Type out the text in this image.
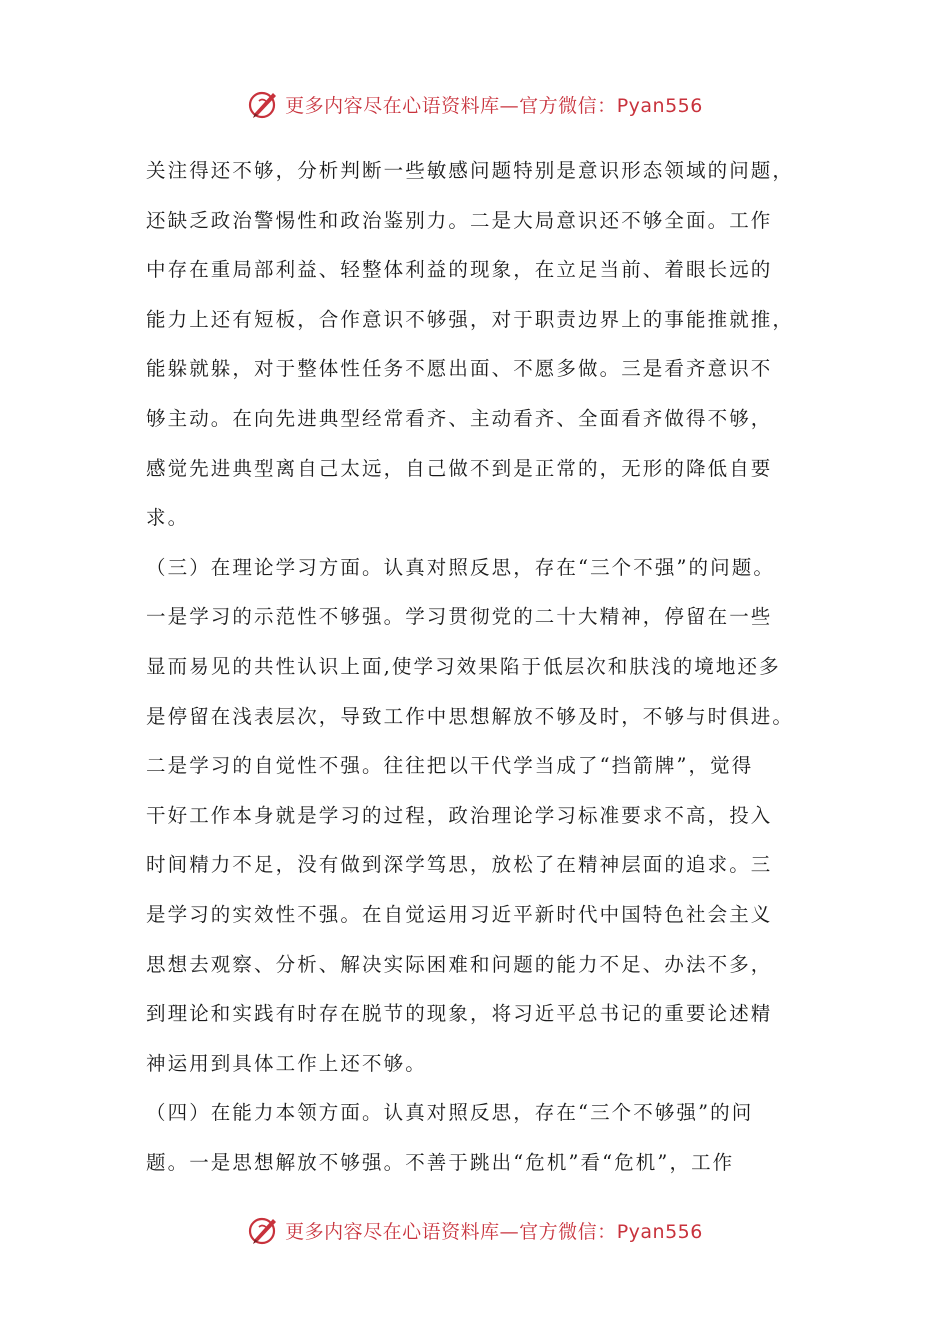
更多内容尽在心语资料库—官方微信：Pyan556
关注得还不够，分析判断一些敏感问题特别是意识形态领域的问题，
还缺乏政治警惕性和政治鉴别力。二是大局意识还不够全面。工作
中存在重局部利益、轻整体利益的现象，在立足当前、着眼长远的
能力上还有短板，合作意识不够强，对于职责边界上的事能推就推，
能躲就躲，对于整体性任务不愿出面、不愿多做。三是看齐意识不
够主动。在向先进典型经常看齐、主动看齐、全面看齐做得不够，
感觉先进典型离自己太远，自己做不到是正常的，无形的降低自要
求。
（三）在理论学习方面。认真对照反思，存在“三个不强”的问题。
一是学习的示范性不够强。学习贯彻党的二十大精神，停留在一些
显而易见的共性认识上面,使学习效果陷于低层次和肤浅的境地还多
是停留在浅表层次，导致工作中思想解放不够及时，不够与时俱进。
二是学习的自觉性不强。往往把以干代学当成了“挡箭牌”，觉得
干好工作本身就是学习的过程，政治理论学习标准要求不高，投入
时间精力不足，没有做到深学笃思，放松了在精神层面的追求。三
是学习的实效性不强。在自觉运用习近平新时代中国特色社会主义
思想去观察、分析、解决实际困难和问题的能力不足、办法不多，
到理论和实践有时存在脱节的现象，将习近平总书记的重要论述精
神运用到具体工作上还不够。
（四）在能力本领方面。认真对照反思，存在“三个不够强”的问
题。一是思想解放不够强。不善于跳出“危机”看“危机”，工作
更多内容尽在心语资料库—官方微信：Pyan556
